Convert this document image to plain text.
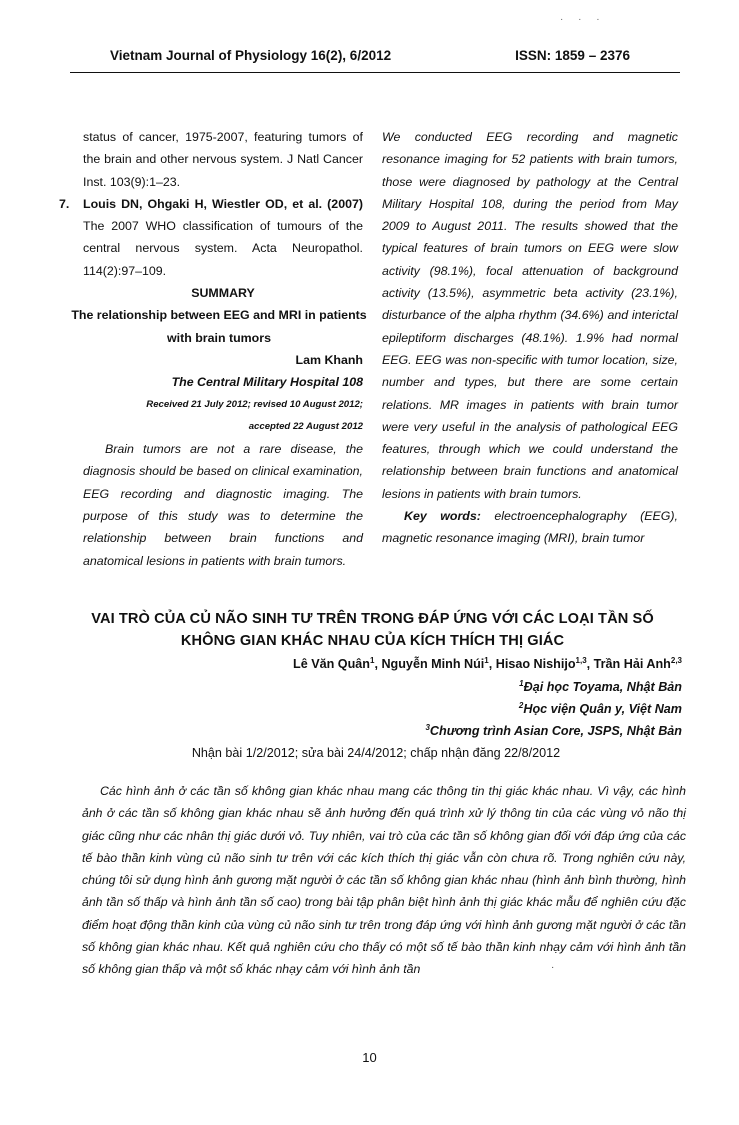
· · ·
Vietnam Journal of Physiology 16(2), 6/2012	ISSN: 1859 – 2376
status of cancer, 1975-2007, featuring tumors of the brain and other nervous system. J Natl Cancer Inst. 103(9):1–23.
7. Louis DN, Ohgaki H, Wiestler OD, et al. (2007) The 2007 WHO classification of tumours of the central nervous system. Acta Neuropathol. 114(2):97–109.
SUMMARY
The relationship between EEG and MRI in patients with brain tumors
Lam Khanh
The Central Military Hospital 108
Received 21 July 2012; revised 10 August 2012;
accepted 22 August 2012
Brain tumors are not a rare disease, the diagnosis should be based on clinical examination, EEG recording and diagnostic imaging. The purpose of this study was to determine the relationship between brain functions and anatomical lesions in patients with brain tumors.
We conducted EEG recording and magnetic resonance imaging for 52 patients with brain tumors, those were diagnosed by pathology at the Central Military Hospital 108, during the period from May 2009 to August 2011. The results showed that the typical features of brain tumors on EEG were slow activity (98.1%), focal attenuation of background activity (13.5%), asymmetric beta activity (23.1%), disturbance of the alpha rhythm (34.6%) and interictal epileptiform discharges (48.1%). 1.9% had normal EEG. EEG was non-specific with tumor location, size, number and types, but there are some certain relations. MR images in patients with brain tumor were very useful in the analysis of pathological EEG features, through which we could understand the relationship between brain functions and anatomical lesions in patients with brain tumors.
Key words: electroencephalography (EEG), magnetic resonance imaging (MRI), brain tumor
VAI TRÒ CỦA CỦ NÃO SINH TƯ TRÊN TRONG ĐÁP ỨNG VỚI CÁC LOẠI TẦN SỐ
KHÔNG GIAN KHÁC NHAU CỦA KÍCH THÍCH THỊ GIÁC
Lê Văn Quân$^1$, Nguyễn Minh Núi$^1$, Hisao Nishijo$^{1,3}$, Trần Hải Anh$^{2,3}$
$^1$Đại học Toyama, Nhật Bản
$^2$Học viện Quân y, Việt Nam
$^3$Chương trình Asian Core, JSPS, Nhật Bản
Nhận bài 1/2/2012; sửa bài 24/4/2012; chấp nhận đăng 22/8/2012
Các hình ảnh ở các tần số không gian khác nhau mang các thông tin thị giác khác nhau. Vì vậy, các hình ảnh ở các tần số không gian khác nhau sẽ ảnh hưởng đến quá trình xử lý thông tin của các vùng vỏ não thị giác cũng như các nhân thị giác dưới vỏ. Tuy nhiên, vai trò của các tần số không gian đối với đáp ứng của các tế bào thần kinh vùng củ não sinh tư trên với các kích thích thị giác vẫn còn chưa rõ. Trong nghiên cứu này, chúng tôi sử dụng hình ảnh gương mặt người ở các tần số không gian khác nhau (hình ảnh bình thường, hình ảnh tần số thấp và hình ảnh tần số cao) trong bài tập phân biệt hình ảnh thị giác khác mẫu để nghiên cứu đặc điểm hoạt động thần kinh của vùng củ não sinh tư trên trong đáp ứng với hình ảnh gương mặt người ở các tần số không gian khác nhau. Kết quả nghiên cứu cho thấy có một số tế bào thần kinh nhạy cảm với hình ảnh tần số không gian thấp và một số khác nhạy cảm với hình ảnh tần	·
10
